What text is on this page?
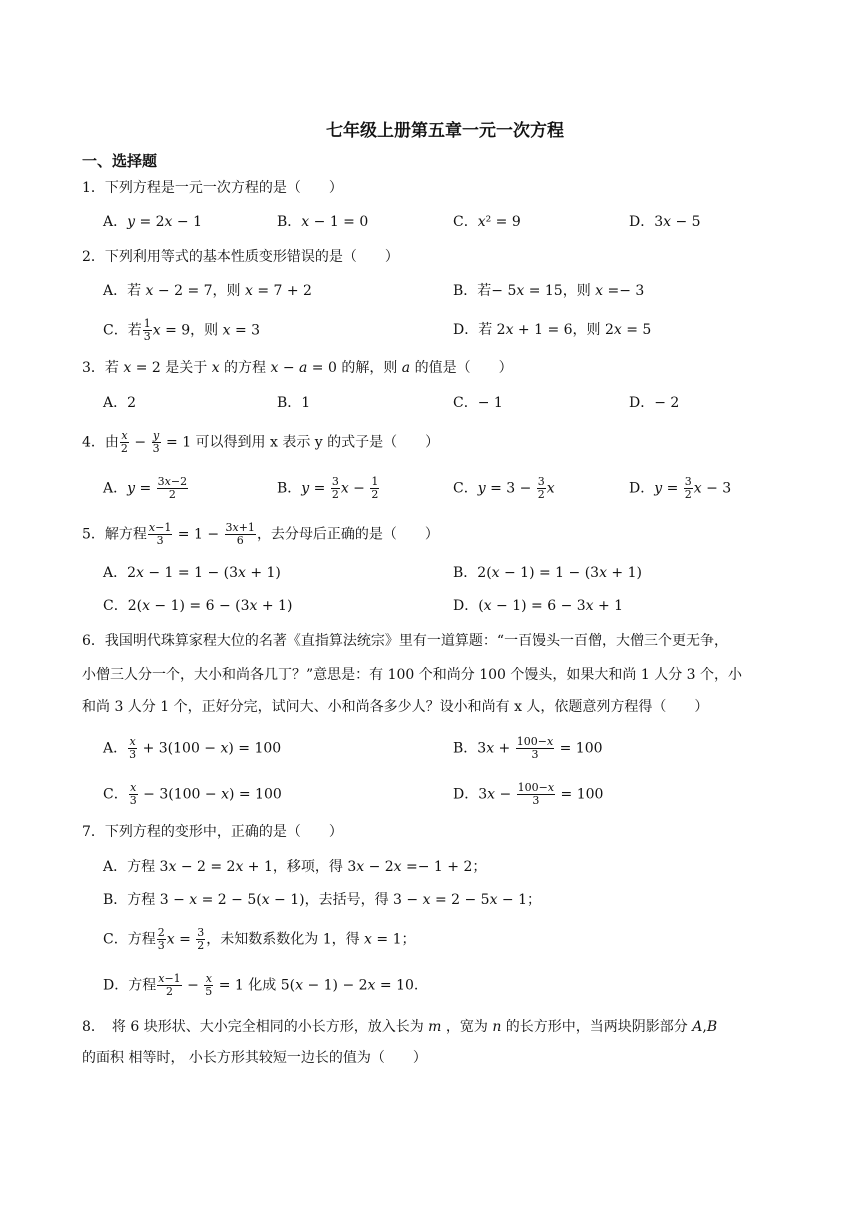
七年级上册第五章一元一次方程
一、选择题
1．下列方程是一元一次方程的是（　　）
A．𝑦 = 2𝑥 − 1	B．𝑥 − 1 = 0	C．𝑥² = 9	D．3𝑥 − 5
2．下列利用等式的基本性质变形错误的是（　　）
A．若 𝑥 − 2 = 7，则 𝑥 = 7 + 2	B．若− 5𝑥 = 15，则 𝑥 =− 3
C．若 $\frac{1}{3}$ 𝑥 = 9，则 𝑥 = 3	D．若 2𝑥 + 1 = 6，则 2𝑥 = 5
3．若 𝑥 = 2 是关于 𝑥 的方程 𝑥 − 𝑎 = 0 的解，则 𝑎 的值是（　　）
A．2	B．1	C．− 1	D．− 2
4．由 $\frac{\text{𝑥}}{2} - \frac{\text{𝑦}}{3} = 1$ 可以得到用 x 表示 y 的式子是（　　）
A．𝑦 = $\frac{\text{3𝑥−2}}{2}$	B．𝑦 = $\frac{3}{2}$ 𝑥 − $\frac{1}{2}$	C．𝑦 = $3 - \frac{3}{2}$ 𝑥	D．𝑦 = $\frac{3}{2}$ 𝑥 − 3
5．解方程 $\frac{\text{𝑥−1}}{3} = 1 - \frac{\text{3𝑥+1}}{6}$ ，去分母后正确的是（　　）
A．2𝑥 − 1 = 1 − (3𝑥 + 1)	B．2(𝑥 − 1) = 1 − (3𝑥 + 1)
C．2(𝑥 − 1) = 6 − (3𝑥 + 1)	D．(𝑥 − 1) = 6 − 3𝑥 + 1
6．我国明代珠算家程大位的名著《直指算法统宗》里有一道算题：“一百馒头一百僧，大僧三个更无争，
小僧三人分一个，大小和尚各几丁？”意思是：有 100 个和尚分 100 个馒头，如果大和尚 1 人分 3 个，小
和尚 3 人分 1 个，正好分完，试问大、小和尚各多少人？设小和尚有 x 人，依题意列方程得（　　）
A． $\frac{\text{𝑥}}{3} + 3(100$ − 𝑥) = 100	B．3𝑥 + $\frac{\text{100−𝑥}}{3} = 100$
C． $\frac{\text{𝑥}}{3} - 3(100$ − 𝑥) = 100	D．3𝑥 − $\frac{\text{100−𝑥}}{3} = 100$
7．下列方程的变形中，正确的是（　　）
A．方程 3𝑥 − 2 = 2𝑥 + 1，移项，得 3𝑥 − 2𝑥 =− 1 + 2；
B．方程 3 − 𝑥 = 2 − 5(𝑥 − 1)，去括号，得 3 − 𝑥 = 2 − 5𝑥 − 1；
C．方程 $\frac{2}{3}$ 𝑥 = $\frac{3}{2}$ ，未知数系数化为 1，得 𝑥 = 1；
D．方程 $\frac{\text{𝑥−1}}{2} - \frac{\text{𝑥}}{5} = 1$ 化成 5(𝑥 − 1) − 2𝑥 = 10.
8．　将 6 块形状、大小完全相同的小长方形，放入长为 𝑚 ，宽为 𝑛 的长方形中，当两块阴影部分 𝐴,𝐵
的面积 相等时， 小长方形其较短一边长的值为（　　）
